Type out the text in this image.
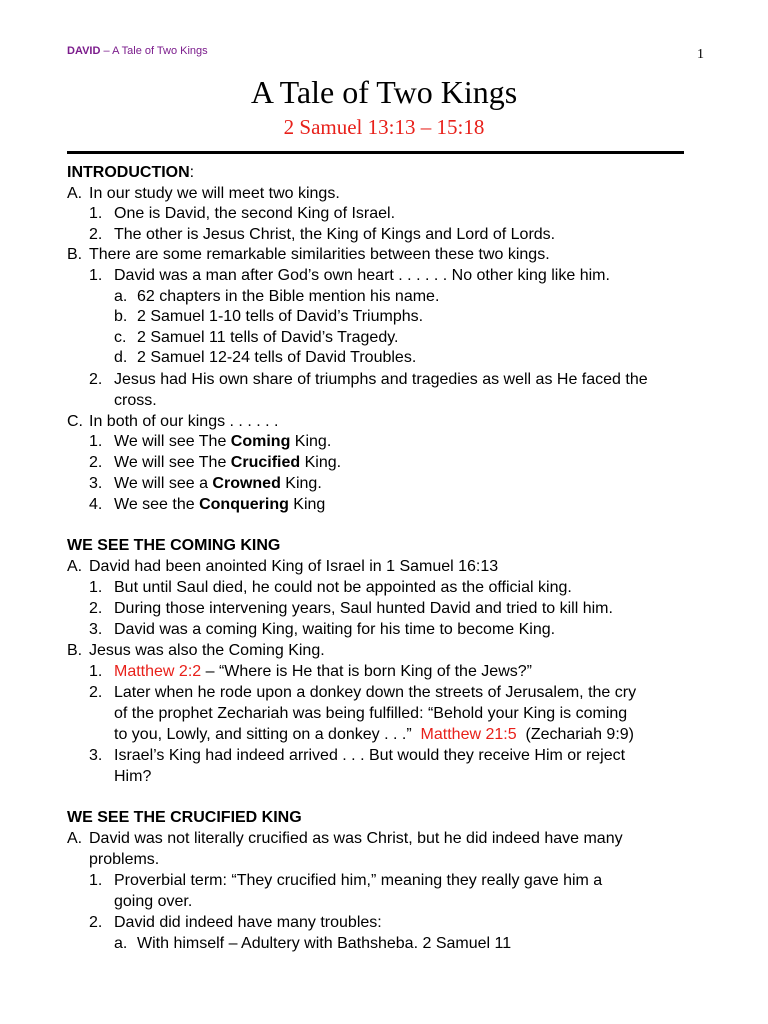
DAVID – A Tale of Two Kings	1
A Tale of Two Kings
2 Samuel 13:13 – 15:18
INTRODUCTION:
A. In our study we will meet two kings.
1. One is David, the second King of Israel.
2. The other is Jesus Christ, the King of Kings and Lord of Lords.
B. There are some remarkable similarities between these two kings.
1. David was a man after God’s own heart . . . . . . No other king like him.
a. 62 chapters in the Bible mention his name.
b. 2 Samuel 1-10 tells of David’s Triumphs.
c. 2 Samuel 11 tells of David’s Tragedy.
d. 2 Samuel 12-24 tells of David Troubles.
2. Jesus had His own share of triumphs and tragedies as well as He faced the
cross.
C. In both of our kings . . . . . .
1. We will see The Coming King.
2. We will see The Crucified King.
3. We will see a Crowned King.
4. We see the Conquering King
WE SEE THE COMING KING
A. David had been anointed King of Israel in 1 Samuel 16:13
1. But until Saul died, he could not be appointed as the official king.
2. During those intervening years, Saul hunted David and tried to kill him.
3. David was a coming King, waiting for his time to become King.
B. Jesus was also the Coming King.
1. Matthew 2:2 – “Where is He that is born King of the Jews?”
2. Later when he rode upon a donkey down the streets of Jerusalem, the cry
of the prophet Zechariah was being fulfilled: “Behold your King is coming
to you, Lowly, and sitting on a donkey . . .”  Matthew 21:5  (Zechariah 9:9)
3. Israel’s King had indeed arrived . . . But would they receive Him or reject
Him?
WE SEE THE CRUCIFIED KING
A. David was not literally crucified as was Christ, but he did indeed have many
problems.
1. Proverbial term: “They crucified him,” meaning they really gave him a
going over.
2. David did indeed have many troubles:
a. With himself – Adultery with Bathsheba. 2 Samuel 11
